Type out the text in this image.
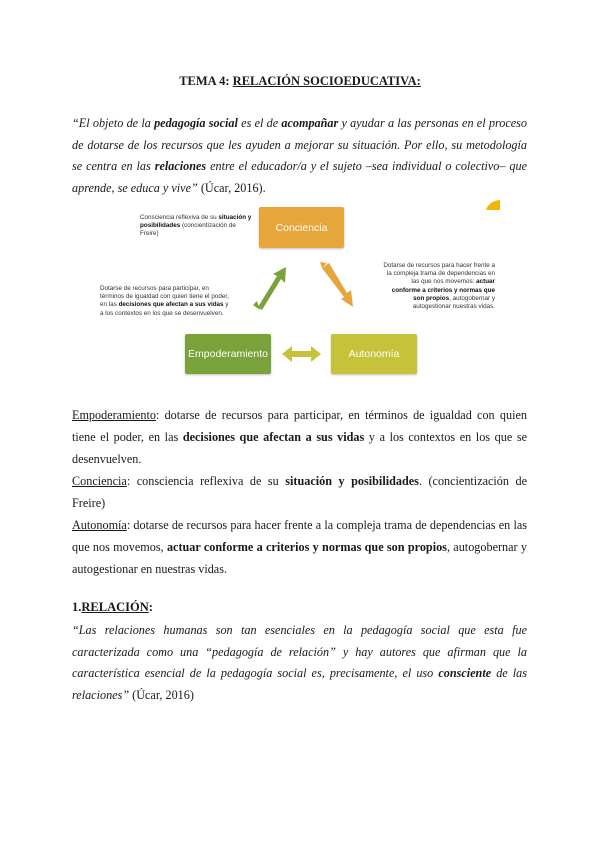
TEMA 4: RELACIÓN SOCIOEDUCATIVA:
“El objeto de la pedagogía social es el de acompañar y ayudar a las personas en el proceso de dotarse de los recursos que les ayuden a mejorar su situación. Por ello, su metodología se centra en las relaciones entre el educador/a y el sujeto –sea individual o colectivo– que aprende, se educa y vive” (Úcar, 2016).
Conciencia
Empoderamiento	Autonomía
Consciencia reflexiva de su situación y posibilidades (concientización de Freire)
Dotarse de recursos para hacer frente a la compleja trama de dependencias en las que nos movemos: actuar conforme a criterios y normas que son propios, autogobernar y autogestionar nuestras vidas.
Dotarse de recursos para participar, en términos de igualdad con quien tiene el poder, en las decisiones que afectan a sus vidas y a los contextos en los que se desenvuelven.

Empoderamiento: dotarse de recursos para participar, en términos de igualdad con quien tiene el poder, en las decisiones que afectan a sus vidas y a los contextos en los que se desenvuelven.

Conciencia: consciencia reflexiva de su situación y posibilidades. (concientización de Freire)

Autonomía: dotarse de recursos para hacer frente a la compleja trama de dependencias en las que nos movemos, actuar conforme a criterios y normas que son propios, autogobernar y autogestionar en nuestras vidas.

1.RELACIÓN:
“Las relaciones humanas son tan esenciales en la pedagogía social que esta fue caracterizada como una “pedagogía de relación” y hay autores que afirman que la característica esencial de la pedagogía social es, precisamente, el uso consciente de las relaciones” (Úcar, 2016)
